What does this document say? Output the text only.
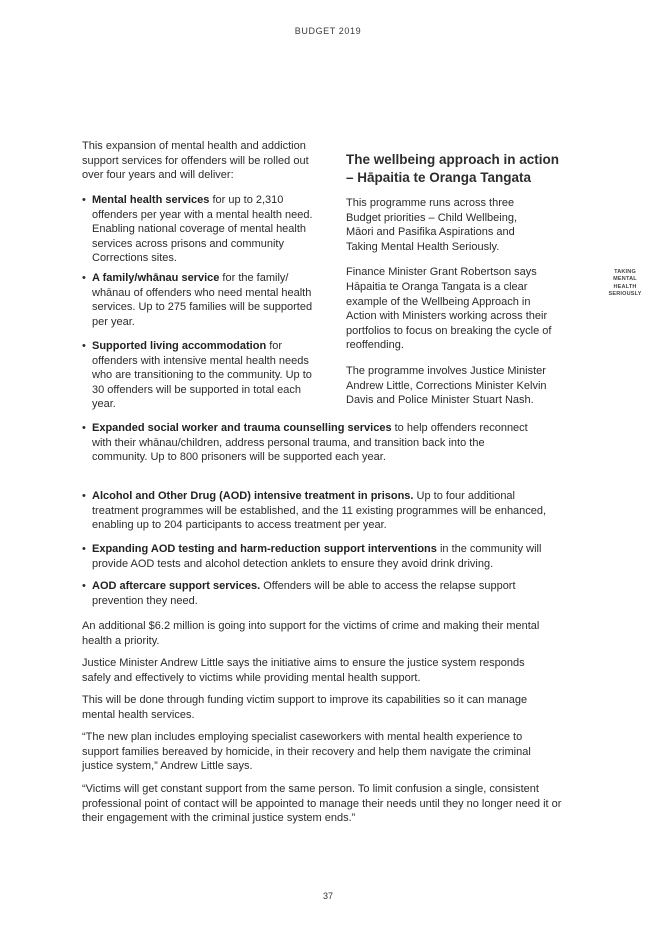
BUDGET 2019

This expansion of mental health and addiction support services for offenders will be rolled out over four years and will deliver:

• Mental health services for up to 2,310 offenders per year with a mental health need. Enabling national coverage of mental health services across prisons and community Corrections sites.
• A family/whānau service for the family/ whānau of offenders who need mental health services. Up to 275 families will be supported per year.
• Supported living accommodation for offenders with intensive mental health needs who are transitioning to the community. Up to 30 offenders will be supported in total each year.
The wellbeing approach in action
– Hāpaitia te Oranga Tangata

This programme runs across three Budget priorities – Child Wellbeing, Māori and Pasifika Aspirations and Taking Mental Health Seriously.

Finance Minister Grant Robertson says Hāpaitia te Oranga Tangata is a clear example of the Wellbeing Approach in Action with Ministers working across their portfolios to focus on breaking the cycle of reoffending.

The programme involves Justice Minister Andrew Little, Corrections Minister Kelvin Davis and Police Minister Stuart Nash.

TAKING
MENTAL
HEALTH
SERIOUSLY
• Expanded social worker and trauma counselling services to help offenders reconnect with their whānau/children, address personal trauma, and transition back into the community. Up to 800 prisoners will be supported each year.
• Alcohol and Other Drug (AOD) intensive treatment in prisons. Up to four additional treatment programmes will be established, and the 11 existing programmes will be enhanced, enabling up to 204 participants to access treatment per year.
• Expanding AOD testing and harm-reduction support interventions in the community will provide AOD tests and alcohol detection anklets to ensure they avoid drink driving.
• AOD aftercare support services. Offenders will be able to access the relapse support prevention they need.

An additional $6.2 million is going into support for the victims of crime and making their mental health a priority.

Justice Minister Andrew Little says the initiative aims to ensure the justice system responds safely and effectively to victims while providing mental health support.

This will be done through funding victim support to improve its capabilities so it can manage mental health services.

“The new plan includes employing specialist caseworkers with mental health experience to support families bereaved by homicide, in their recovery and help them navigate the criminal justice system,” Andrew Little says.

“Victims will get constant support from the same person. To limit confusion a single, consistent professional point of contact will be appointed to manage their needs until they no longer need it or their engagement with the criminal justice system ends.”

37
